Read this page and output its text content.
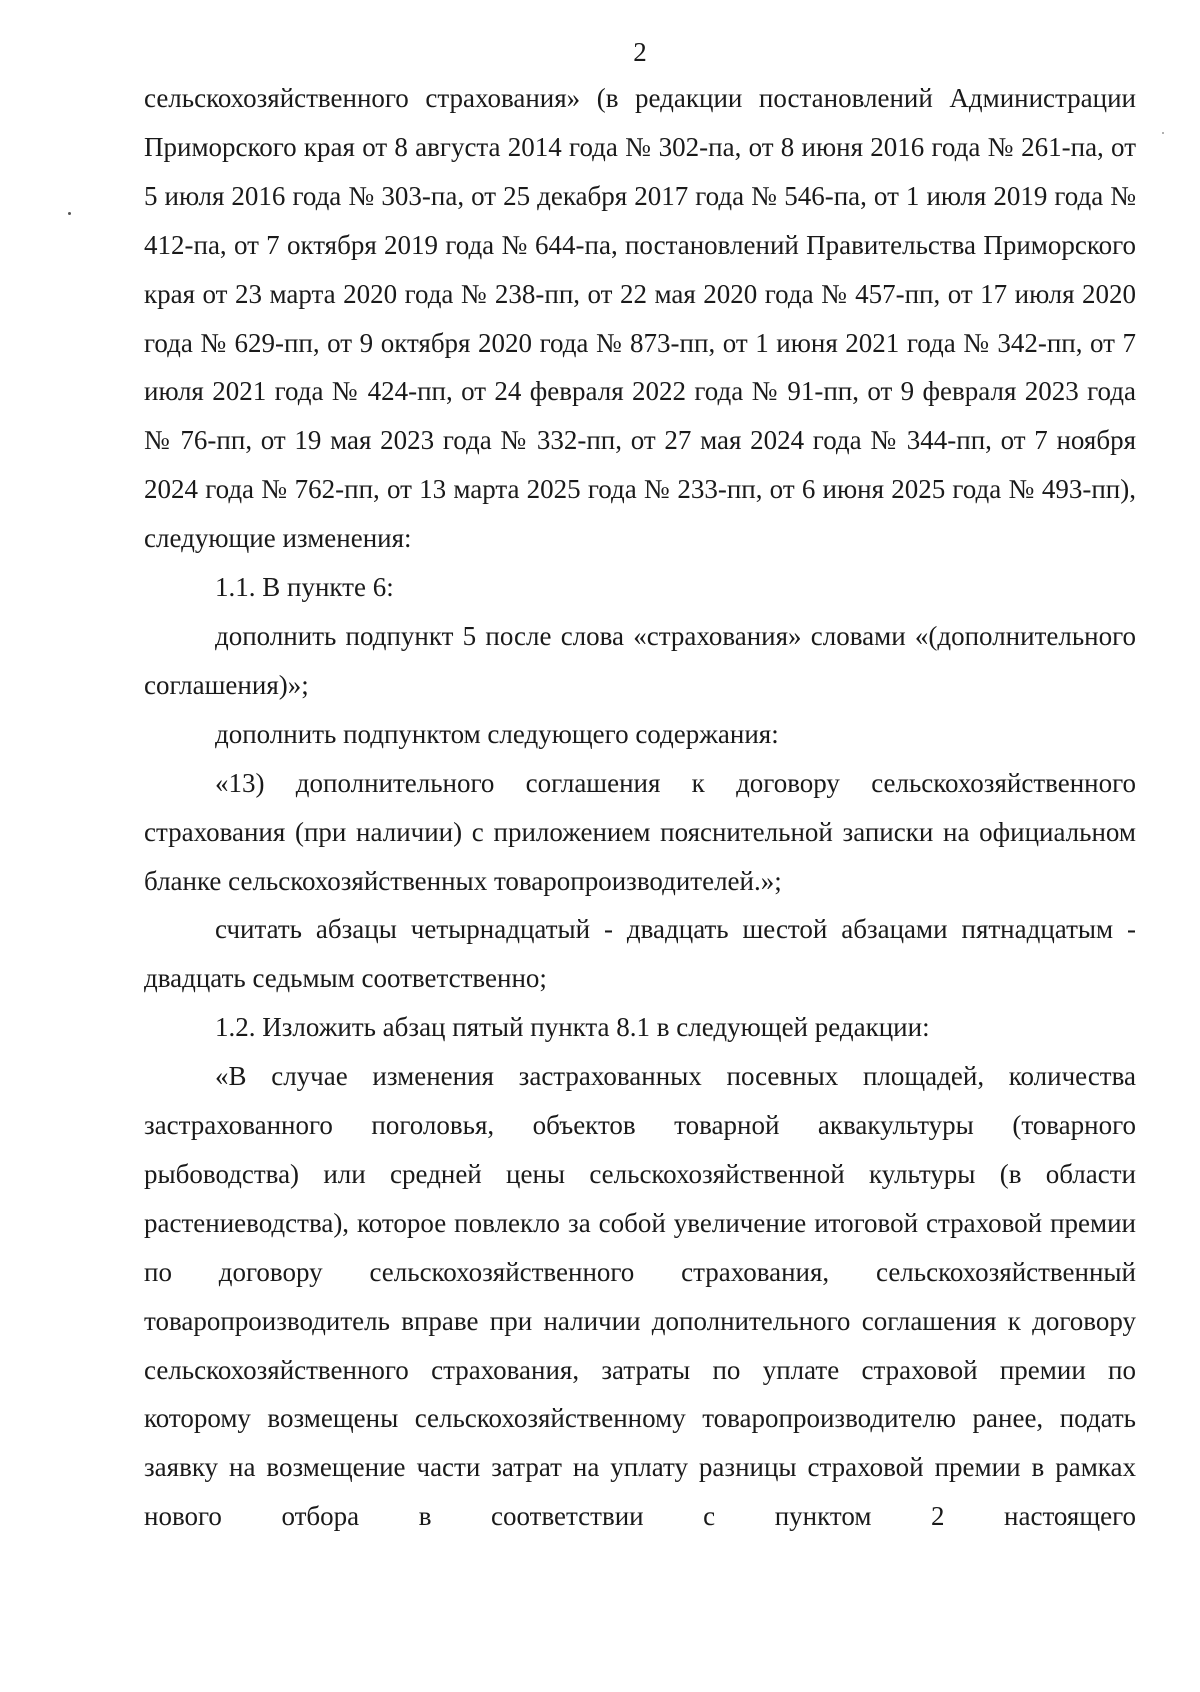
2

сельскохозяйственного страхования» (в редакции постановлений Администрации Приморского края от 8 августа 2014 года № 302-па, от 8 июня 2016 года № 261-па, от 5 июля 2016 года № 303-па, от 25 декабря 2017 года № 546-па, от 1 июля 2019 года № 412-па, от 7 октября 2019 года № 644-па, постановлений Правительства Приморского края от 23 марта 2020 года № 238-пп, от 22 мая 2020 года № 457-пп, от 17 июля 2020 года № 629-пп, от 9 октября 2020 года № 873-пп, от 1 июня 2021 года № 342-пп, от 7 июля 2021 года № 424-пп, от 24 февраля 2022 года № 91-пп, от 9 февраля 2023 года № 76-пп, от 19 мая 2023 года № 332-пп, от 27 мая 2024 года № 344-пп, от 7 ноября 2024 года № 762-пп, от 13 марта 2025 года № 233-пп, от 6 июня 2025 года № 493-пп), следующие изменения:

1.1. В пункте 6:

дополнить подпункт 5 после слова «страхования» словами «(дополнительного соглашения)»;

дополнить подпунктом следующего содержания:

«13) дополнительного соглашения к договору сельскохозяйственного страхования (при наличии) с приложением пояснительной записки на официальном бланке сельскохозяйственных товаропроизводителей.»;

считать абзацы четырнадцатый - двадцать шестой абзацами пятнадцатым - двадцать седьмым соответственно;

1.2. Изложить абзац пятый пункта 8.1 в следующей редакции:

«В случае изменения застрахованных посевных площадей, количества застрахованного поголовья, объектов товарной аквакультуры (товарного рыбоводства) или средней цены сельскохозяйственной культуры (в области растениеводства), которое повлекло за собой увеличение итоговой страховой премии по договору сельскохозяйственного страхования, сельскохозяйственный товаропроизводитель вправе при наличии дополнительного соглашения к договору сельскохозяйственного страхования, затраты по уплате страховой премии по которому возмещены сельскохозяйственному товаропроизводителю ранее, подать заявку на возмещение части затрат на уплату разницы страховой премии в рамках нового отбора в соответствии с пунктом 2 настоящего
